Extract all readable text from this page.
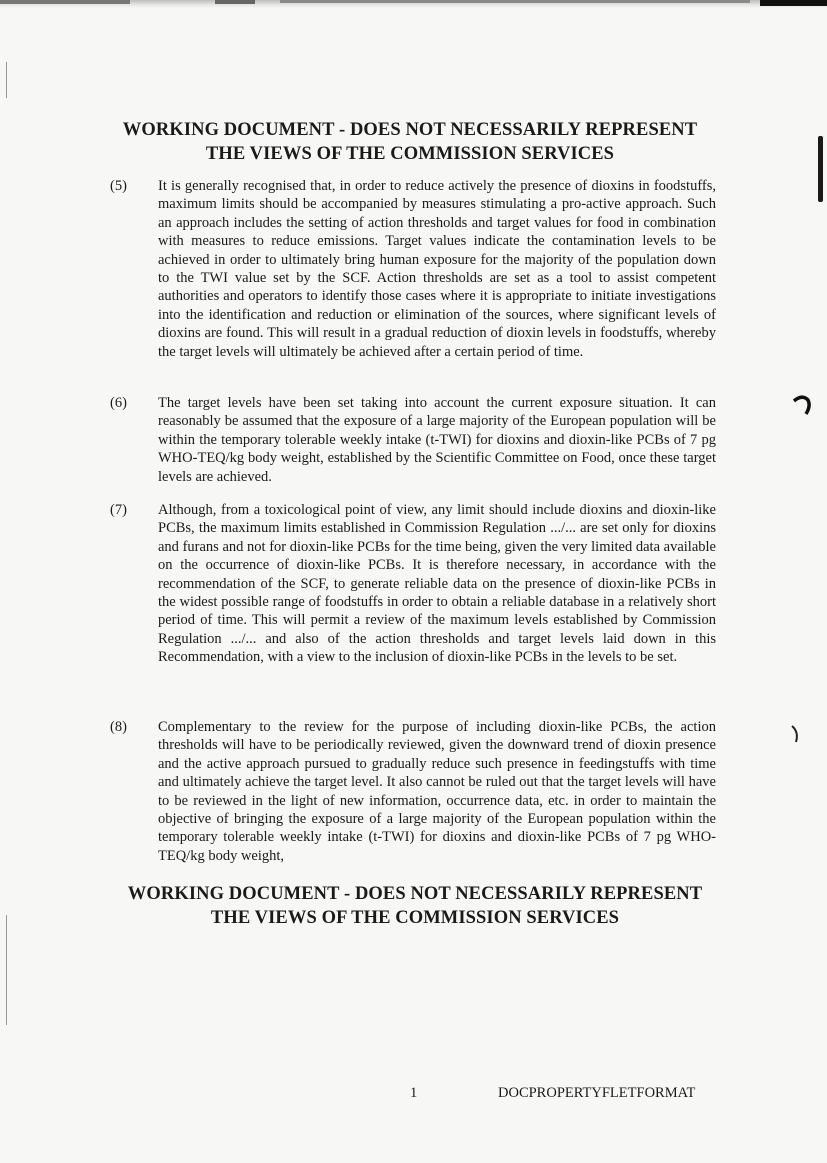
WORKING DOCUMENT - DOES NOT NECESSARILY REPRESENT
THE VIEWS OF THE COMMISSION SERVICES
(5) It is generally recognised that, in order to reduce actively the presence of dioxins in foodstuffs, maximum limits should be accompanied by measures stimulating a pro-active approach. Such an approach includes the setting of action thresholds and target values for food in combination with measures to reduce emissions. Target values indicate the contamination levels to be achieved in order to ultimately bring human exposure for the majority of the population down to the TWI value set by the SCF. Action thresholds are set as a tool to assist competent authorities and operators to identify those cases where it is appropriate to initiate investigations into the identification and reduction or elimination of the sources, where significant levels of dioxins are found. This will result in a gradual reduction of dioxin levels in foodstuffs, whereby the target levels will ultimately be achieved after a certain period of time.
(6) The target levels have been set taking into account the current exposure situation. It can reasonably be assumed that the exposure of a large majority of the European population will be within the temporary tolerable weekly intake (t-TWI) for dioxins and dioxin-like PCBs of 7 pg WHO-TEQ/kg body weight, established by the Scientific Committee on Food, once these target levels are achieved.
(7) Although, from a toxicological point of view, any limit should include dioxins and dioxin-like PCBs, the maximum limits established in Commission Regulation .../... are set only for dioxins and furans and not for dioxin-like PCBs for the time being, given the very limited data available on the occurrence of dioxin-like PCBs. It is therefore necessary, in accordance with the recommendation of the SCF, to generate reliable data on the presence of dioxin-like PCBs in the widest possible range of foodstuffs in order to obtain a reliable database in a relatively short period of time. This will permit a review of the maximum levels established by Commission Regulation .../... and also of the action thresholds and target levels laid down in this Recommendation, with a view to the inclusion of dioxin-like PCBs in the levels to be set.
(8) Complementary to the review for the purpose of including dioxin-like PCBs, the action thresholds will have to be periodically reviewed, given the downward trend of dioxin presence and the active approach pursued to gradually reduce such presence in feedingstuffs with time and ultimately achieve the target level. It also cannot be ruled out that the target levels will have to be reviewed in the light of new information, occurrence data, etc. in order to maintain the objective of bringing the exposure of a large majority of the European population within the temporary tolerable weekly intake (t-TWI) for dioxins and dioxin-like PCBs of 7 pg WHO-TEQ/kg body weight,
WORKING DOCUMENT - DOES NOT NECESSARILY REPRESENT
THE VIEWS OF THE COMMISSION SERVICES
1	DOCPROPERTYFLETFORMAT
